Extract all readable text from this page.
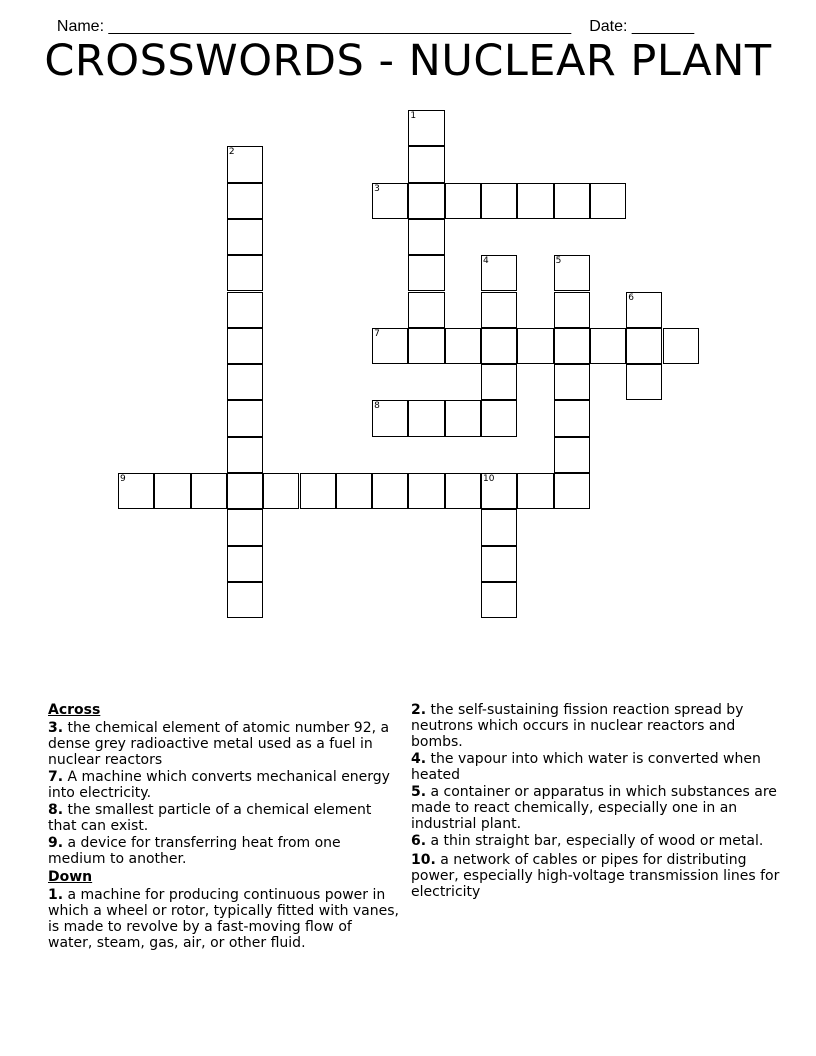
Name: ____________________________________________________ Date: _______

CROSSWORDS - NUCLEAR PLANT
1
2
3
4	5
6
7
8
9	10
Across
3. the chemical element of atomic number 92, a dense grey radioactive metal used as a fuel in nuclear reactors
7. A machine which converts mechanical energy into electricity.
8. the smallest particle of a chemical element that can exist.
9. a device for transferring heat from one medium to another.
Down
1. a machine for producing continuous power in which a wheel or rotor, typically fitted with vanes, is made to revolve by a fast-moving flow of water, steam, gas, air, or other fluid.
2. the self-sustaining fission reaction spread by neutrons which occurs in nuclear reactors and bombs.
4. the vapour into which water is converted when heated
5. a container or apparatus in which substances are made to react chemically, especially one in an industrial plant.
6. a thin straight bar, especially of wood or metal.
10. a network of cables or pipes for distributing power, especially high-voltage transmission lines for electricity
